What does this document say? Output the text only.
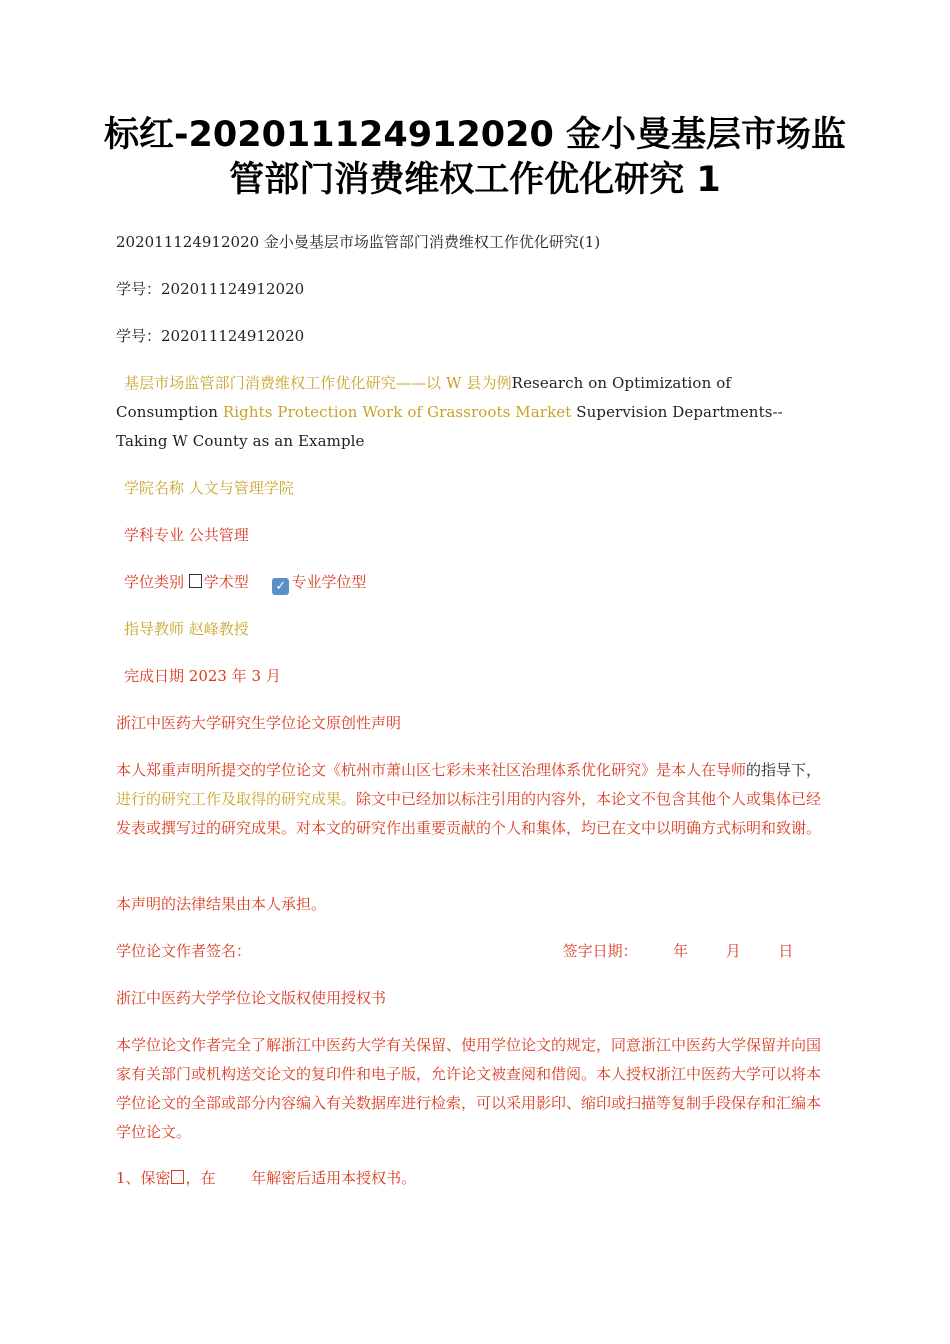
标红-202011124912020 金小曼基层市场监管部门消费维权工作优化研究 1

202011124912020 金小曼基层市场监管部门消费维权工作优化研究(1)

学号：202011124912020

学号：202011124912020

基层市场监管部门消费维权工作优化研究——以 W 县为例Research on Optimization of Consumption Rights Protection Work of Grassroots Market Supervision Departments--Taking W County as an Example

学院名称 人文与管理学院

学科专业 公共管理

学位类别 学术型 ✓ 专业学位型

指导教师 赵峰教授

完成日期 2023 年 3 月

浙江中医药大学研究生学位论文原创性声明

本人郑重声明所提交的学位论文《杭州市萧山区七彩未来社区治理体系优化研究》是本人在导师的指导下，进行的研究工作及取得的研究成果。除文中已经加以标注引用的内容外，本论文不包含其他个人或集体已经发表或撰写过的研究成果。对本文的研究作出重要贡献的个人和集体，均已在文中以明确方式标明和致谢。

本声明的法律结果由本人承担。

学位论文作者签名：	签字日期： 年	月	日

浙江中医药大学学位论文版权使用授权书

本学位论文作者完全了解浙江中医药大学有关保留、使用学位论文的规定，同意浙江中医药大学保留并向国家有关部门或机构送交论文的复印件和电子版，允许论文被查阅和借阅。本人授权浙江中医药大学可以将本学位论文的全部或部分内容编入有关数据库进行检索，可以采用影印、缩印或扫描等复制手段保存和汇编本学位论文。

1、保密 ，在 年解密后适用本授权书。
